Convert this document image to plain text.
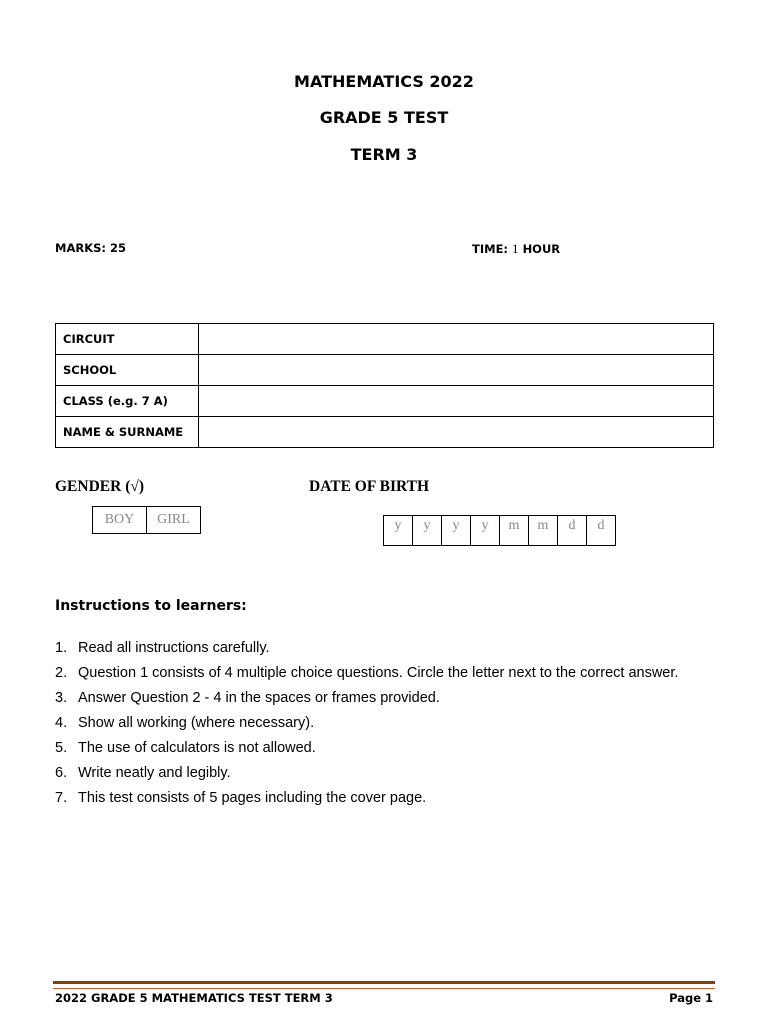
MATHEMATICS 2022
GRADE 5 TEST
TERM 3
MARKS: 25	TIME: 1 HOUR
CIRCUIT	
SCHOOL	
CLASS (e.g. 7 A)	
NAME & SURNAME	
GENDER (√)	DATE OF BIRTH
BOY	GIRL	y	y	y	y	m	m	d	d
Instructions to learners:
1. Read all instructions carefully.
2. Question 1 consists of 4 multiple choice questions. Circle the letter next to the correct answer.
3. Answer Question 2 - 4 in the spaces or frames provided.
4. Show all working (where necessary).
5. The use of calculators is not allowed.
6. Write neatly and legibly.
7. This test consists of 5 pages including the cover page.
2022 GRADE 5 MATHEMATICS TEST TERM 3	Page 1
